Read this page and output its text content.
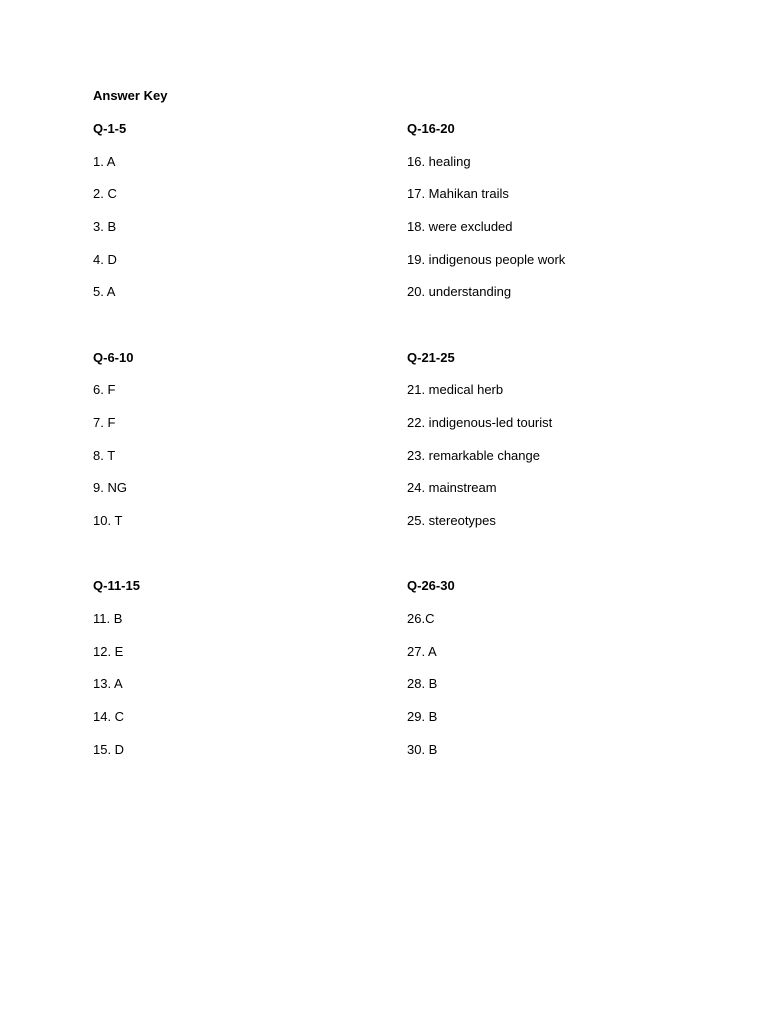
Answer Key
Q-1-5
1. A
2. C
3. B
4. D
5. A
Q-6-10
6. F
7. F
8. T
9. NG
10. T
Q-11-15
11. B
12. E
13. A
14. C
15. D
Q-16-20
16. healing
17. Mahikan trails
18. were excluded
19. indigenous people work
20. understanding
Q-21-25
21. medical herb
22. indigenous-led tourist
23. remarkable change
24. mainstream
25. stereotypes
Q-26-30
26.C
27. A
28. B
29. B
30. B
